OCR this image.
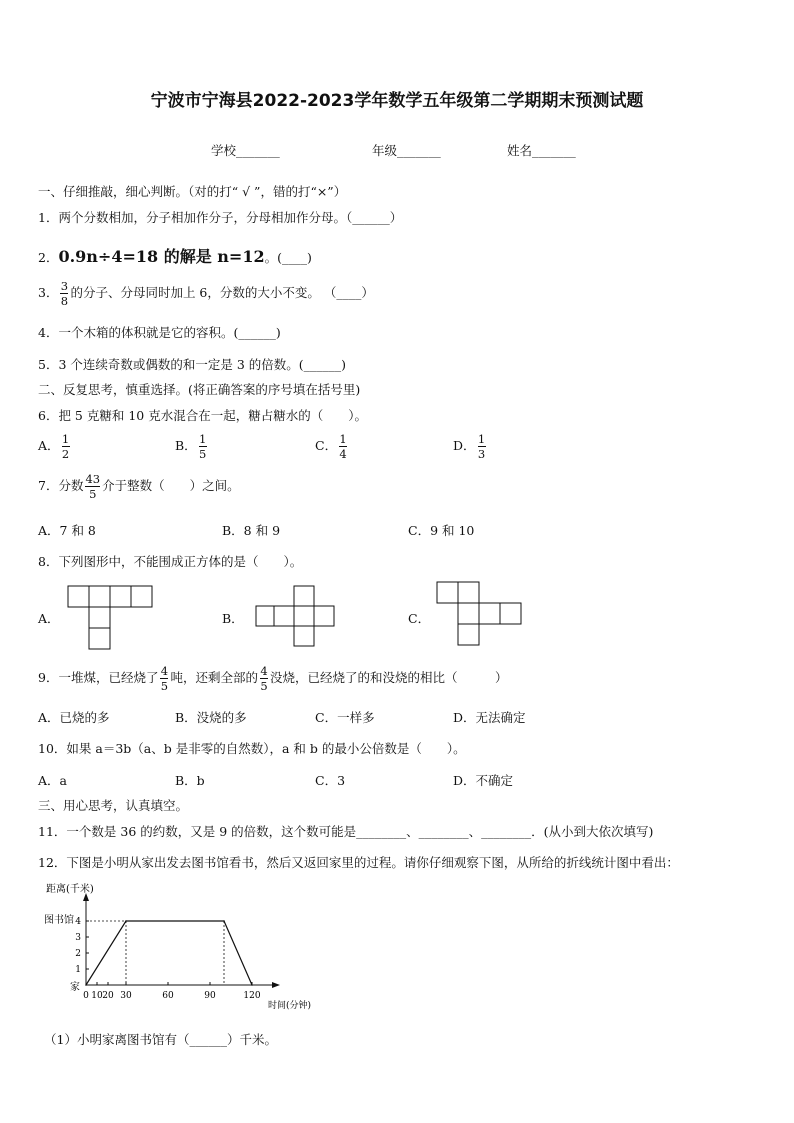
宁波市宁海县2022-2023学年数学五年级第二学期期末预测试题
学校_______	年级_______	姓名_______
一、仔细推敲，细心判断。（对的打“ √ ”，错的打“×”）
1．两个分数相加，分子相加作分子，分母相加作分母。（______）
2．0.9n÷4=18 的解是 n=12。(____)
3． $\frac{3}{8}$ 的分子、分母同时加上 6，分数的大小不变。 （____）
4．一个木箱的体积就是它的容积。(______)
5．3 个连续奇数或偶数的和一定是 3 的倍数。(______)
二、反复思考，慎重选择。(将正确答案的序号填在括号里)
6．把 5 克糖和 10 克水混合在一起，糖占糖水的（　　）。
A． $\frac{1}{2}$	B． $\frac{1}{5}$	C． $\frac{1}{4}$	D． $\frac{1}{3}$
7．分数 $\frac{43}{5}$ 介于整数（　　）之间。
A．7 和 8	B．8 和 9	C．9 和 10
8．下列图形中，不能围成正方体的是（　　）。
A．	B．	C．
9．一堆煤，已经烧了 $\frac{4}{5}$ 吨，还剩全部的 $\frac{4}{5}$ 没烧，已经烧了的和没烧的相比（　　　）
A．已烧的多	B．没烧的多	C．一样多	D．无法确定
10．如果 a＝3b（a、b 是非零的自然数），a 和 b 的最小公倍数是（　　）。
A．a	B．b	C．3	D．不确定
三、用心思考，认真填空。
11．一个数是 36 的约数，又是 9 的倍数，这个数可能是________、________、________．(从小到大依次填写)
12．下图是小明从家出发去图书馆看书，然后又返回家里的过程。请你仔细观察下图，从所给的折线统计图中看出：
0 10 20 30	60	90	120
1
2
3
4
距离(千米)
时间(分钟)
图书馆
家
（1）小明家离图书馆有（______）千米。
